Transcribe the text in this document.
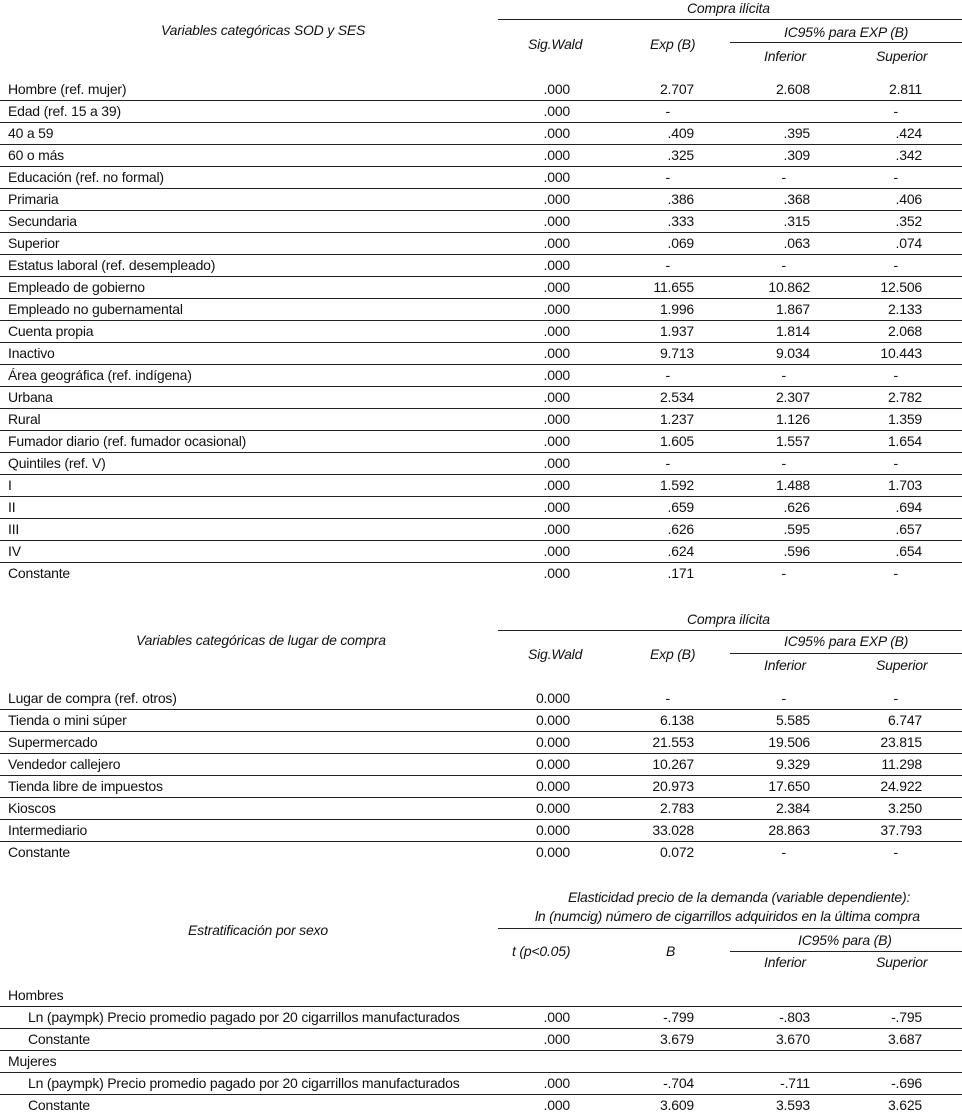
Variables categóricas SOD y SES
Compra ilícita
Sig.Wald	Exp (B)
IC95% para EXP (B)
Inferior	Superior
Hombre (ref. mujer)	.000	2.707	2.608	2.811	
Edad (ref. 15 a 39)	.000	-		-	
40 a 59	.000	.409	.395	.424	
60 o más	.000	.325	.309	.342	
Educación (ref. no formal)	.000	-	-	-	
Primaria	.000	.386	.368	.406	
Secundaria	.000	.333	.315	.352	
Superior	.000	.069	.063	.074	
Estatus laboral (ref. desempleado)	.000	-	-	-	
Empleado de gobierno	.000	11.655	10.862	12.506	
Empleado no gubernamental	.000	1.996	1.867	2.133	
Cuenta propia	.000	1.937	1.814	2.068	
Inactivo	.000	9.713	9.034	10.443	
Área geográfica (ref. indígena)	.000	-	-	-	
Urbana	.000	2.534	2.307	2.782	
Rural	.000	1.237	1.126	1.359	
Fumador diario (ref. fumador ocasional)	.000	1.605	1.557	1.654	
Quintiles (ref. V)	.000	-	-	-	
I	.000	1.592	1.488	1.703	
II	.000	.659	.626	.694	
III	.000	.626	.595	.657	
IV	.000	.624	.596	.654	
Constante	.000	.171	-	-	
Variables categóricas de lugar de compra
Compra ilícita
Sig.Wald	Exp (B)
IC95% para EXP (B)
Inferior	Superior
Lugar de compra (ref. otros)	0.000	-	-	-	
Tienda o mini súper	0.000	6.138	5.585	6.747	
Supermercado	0.000	21.553	19.506	23.815	
Vendedor callejero	0.000	10.267	9.329	11.298	
Tienda libre de impuestos	0.000	20.973	17.650	24.922	
Kioscos	0.000	2.783	2.384	3.250	
Intermediario	0.000	33.028	28.863	37.793	
Constante	0.000	0.072	-	-	
Estratificación por sexo
Elasticidad precio de la demanda (variable dependiente):
ln (numcig) número de cigarrillos adquiridos en la última compra
t (p<0.05)	B
IC95% para (B)
Inferior	Superior
Hombres					
Ln (paympk) Precio promedio pagado por 20 cigarrillos manufacturados	.000	-.799	-.803	-.795	
Constante	.000	3.679	3.670	3.687	
Mujeres					
Ln (paympk) Precio promedio pagado por 20 cigarrillos manufacturados	.000	-.704	-.711	-.696	
Constante	.000	3.609	3.593	3.625	
